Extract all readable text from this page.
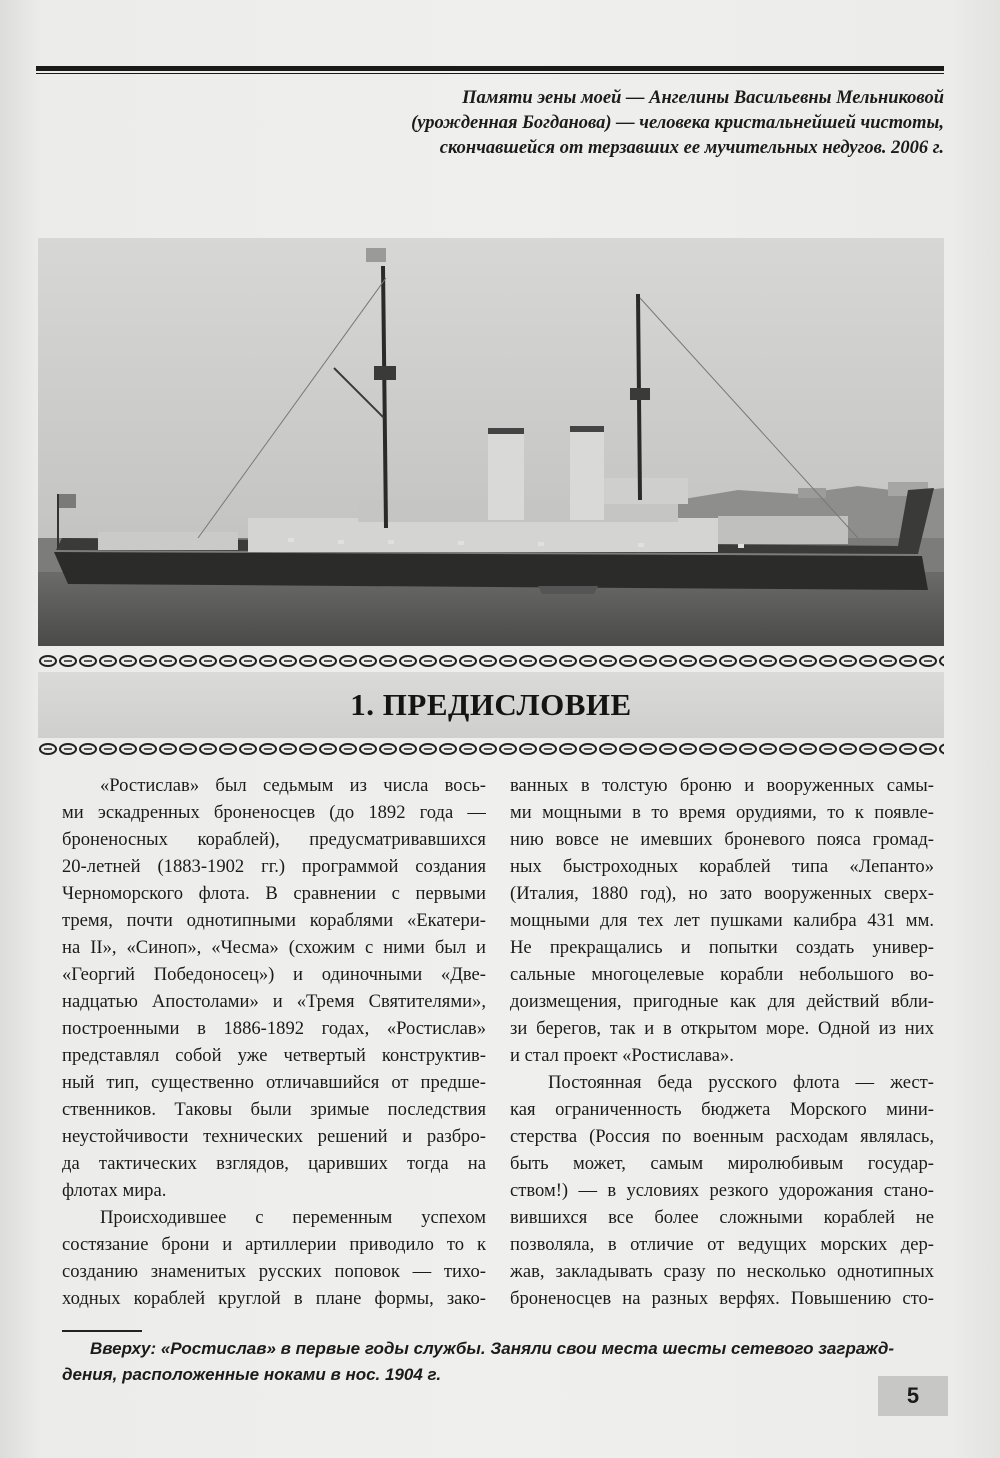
Памяти эены моей — Ангелины Васильевны Мельниковой
(урожденная Богданова) — человека кристальнейшей чистоты,
скончавшейся от терзавших ее мучительных недугов. 2006 г.
1. ПРЕДИСЛОВИЕ
«Ростислав» был седьмым из числа вось-
ми эскадренных броненосцев (до 1892 года —
броненосных кораблей), предусматривавшихся
20-летней (1883-1902 гг.) программой создания
Черноморского флота. В сравнении с первыми
тремя, почти однотипными кораблями «Екатери-
на II», «Синоп», «Чесма» (схожим с ними был и
«Георгий Победоносец») и одиночными «Две-
надцатью Апостолами» и «Тремя Святителями»,
построенными в 1886-1892 годах, «Ростислав»
представлял собой уже четвертый конструктив-
ный тип, существенно отличавшийся от предше-
ственников. Таковы были зримые последствия
неустойчивости технических решений и разбро-
да тактических взглядов, царивших тогда на
флотах мира.
Происходившее с переменным успехом
состязание брони и артиллерии приводило то к
созданию знаменитых русских поповок — тихо-
ходных кораблей круглой в плане формы, зако-
ванных в толстую броню и вооруженных самы-
ми мощными в то время орудиями, то к появле-
нию вовсе не имевших броневого пояса громад-
ных быстроходных кораблей типа «Лепанто»
(Италия, 1880 год), но зато вооруженных сверх-
мощными для тех лет пушками калибра 431 мм.
Не прекращались и попытки создать универ-
сальные многоцелевые корабли небольшого во-
доизмещения, пригодные как для действий вбли-
зи берегов, так и в открытом море. Одной из них
и стал проект «Ростислава».
Постоянная беда русского флота — жест-
кая ограниченность бюджета Морского мини-
стерства (Россия по военным расходам являлась,
быть может, самым миролюбивым государ-
ством!) — в условиях резкого удорожания стано-
вившихся все более сложными кораблей не
позволяла, в отличие от ведущих морских дер-
жав, закладывать сразу по несколько однотипных
броненосцев на разных верфях. Повышению сто-
Вверху: «Ростислав» в первые годы службы. Заняли свои места шесты сетевого загражд-
дения, расположенные ноками в нос. 1904 г.
5
